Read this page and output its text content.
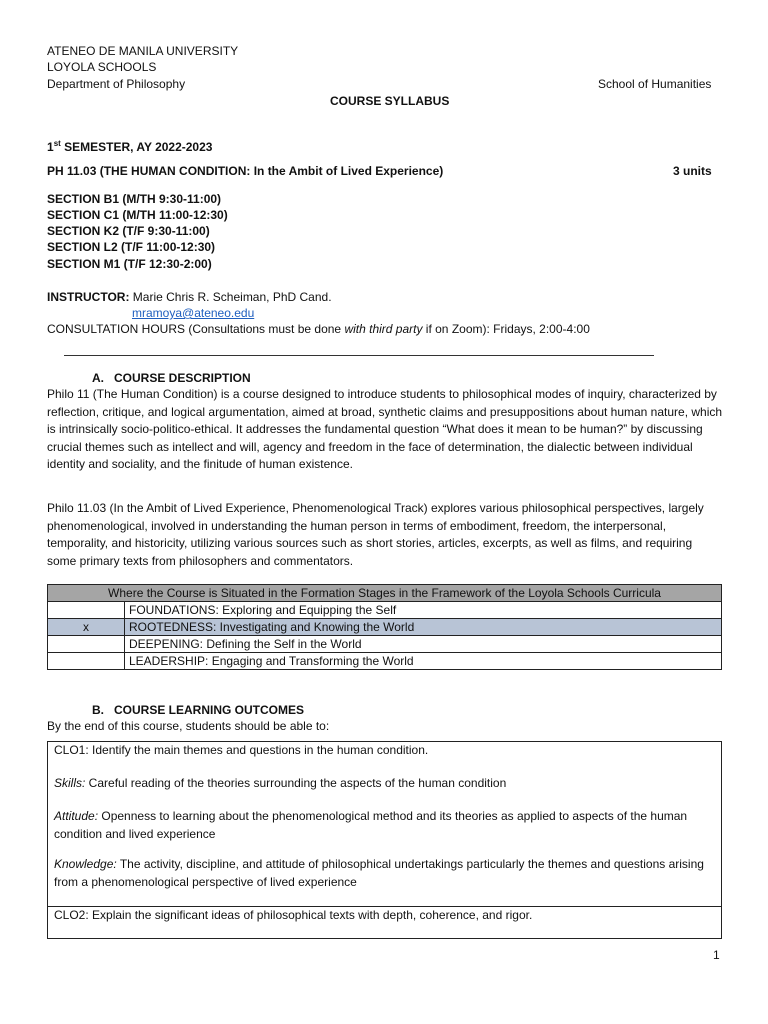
ATENEO DE MANILA UNIVERSITY
LOYOLA SCHOOLS
Department of Philosophy	School of Humanities
COURSE SYLLABUS
1st SEMESTER, AY 2022-2023
PH 11.03 (THE HUMAN CONDITION: In the Ambit of Lived Experience)	3 units
SECTION B1 (M/TH 9:30-11:00)
SECTION C1 (M/TH 11:00-12:30)
SECTION K2 (T/F 9:30-11:00)
SECTION L2 (T/F 11:00-12:30)
SECTION M1 (T/F 12:30-2:00)
INSTRUCTOR: Marie Chris R. Scheiman, PhD Cand.
mramoya@ateneo.edu
CONSULTATION HOURS (Consultations must be done with third party if on Zoom): Fridays, 2:00-4:00
A.   COURSE DESCRIPTION
Philo 11 (The Human Condition) is a course designed to introduce students to philosophical modes of inquiry, characterized by reflection, critique, and logical argumentation, aimed at broad, synthetic claims and presuppositions about human nature, which is intrinsically socio-politico-ethical. It addresses the fundamental question “What does it mean to be human?” by discussing crucial themes such as intellect and will, agency and freedom in the face of determination, the dialectic between individual identity and sociality, and the finitude of human existence.
Philo 11.03 (In the Ambit of Lived Experience, Phenomenological Track) explores various philosophical perspectives, largely phenomenological, involved in understanding the human person in terms of embodiment, freedom, the interpersonal, temporality, and historicity, utilizing various sources such as short stories, articles, excerpts, as well as films, and requiring some primary texts from philosophers and commentators.
Where the Course is Situated in the Formation Stages in the Framework of the Loyola Schools Curricula	
	FOUNDATIONS: Exploring and Equipping the Self
x	ROOTEDNESS: Investigating and Knowing the World
	DEEPENING: Defining the Self in the World
	LEADERSHIP: Engaging and Transforming the World
B.   COURSE LEARNING OUTCOMES
By the end of this course, students should be able to:
CLO1: Identify the main themes and questions in the human condition.
Skills: Careful reading of the theories surrounding the aspects of the human condition
Attitude: Openness to learning about the phenomenological method and its theories as applied to aspects of the human condition and lived experience
Knowledge: The activity, discipline, and attitude of philosophical undertakings particularly the themes and questions arising from a phenomenological perspective of lived experience
CLO2: Explain the significant ideas of philosophical texts with depth, coherence, and rigor.
1
